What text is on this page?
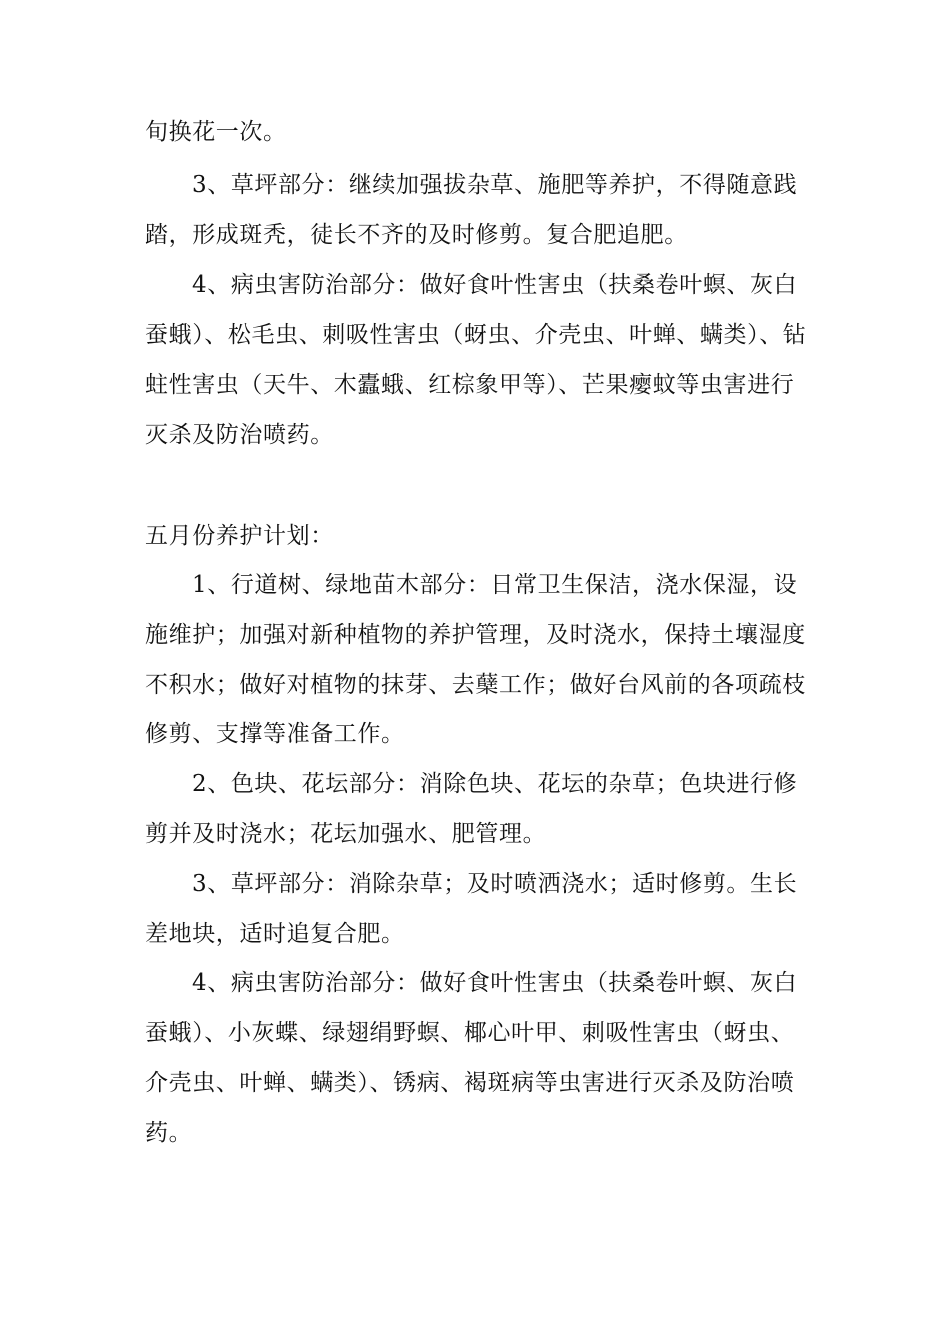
旬换花一次。
3、草坪部分：继续加强拔杂草、施肥等养护，不得随意践
踏，形成斑秃，徒长不齐的及时修剪。复合肥追肥。
4、病虫害防治部分：做好食叶性害虫（扶桑卷叶螟、灰白
蚕蛾）、松毛虫、刺吸性害虫（蚜虫、介壳虫、叶蝉、螨类）、钻
蛀性害虫（天牛、木蠹蛾、红棕象甲等）、芒果瘿蚊等虫害进行
灭杀及防治喷药。
五月份养护计划：
1、行道树、绿地苗木部分：日常卫生保洁，浇水保湿，设
施维护；加强对新种植物的养护管理，及时浇水，保持土壤湿度
不积水；做好对植物的抹芽、去蘖工作；做好台风前的各项疏枝
修剪、支撑等准备工作。
2、色块、花坛部分：消除色块、花坛的杂草；色块进行修
剪并及时浇水；花坛加强水、肥管理。
3、草坪部分：消除杂草；及时喷洒浇水；适时修剪。生长
差地块，适时追复合肥。
4、病虫害防治部分：做好食叶性害虫（扶桑卷叶螟、灰白
蚕蛾）、小灰蝶、绿翅绢野螟、椰心叶甲、刺吸性害虫（蚜虫、
介壳虫、叶蝉、螨类）、锈病、褐斑病等虫害进行灭杀及防治喷
药。
